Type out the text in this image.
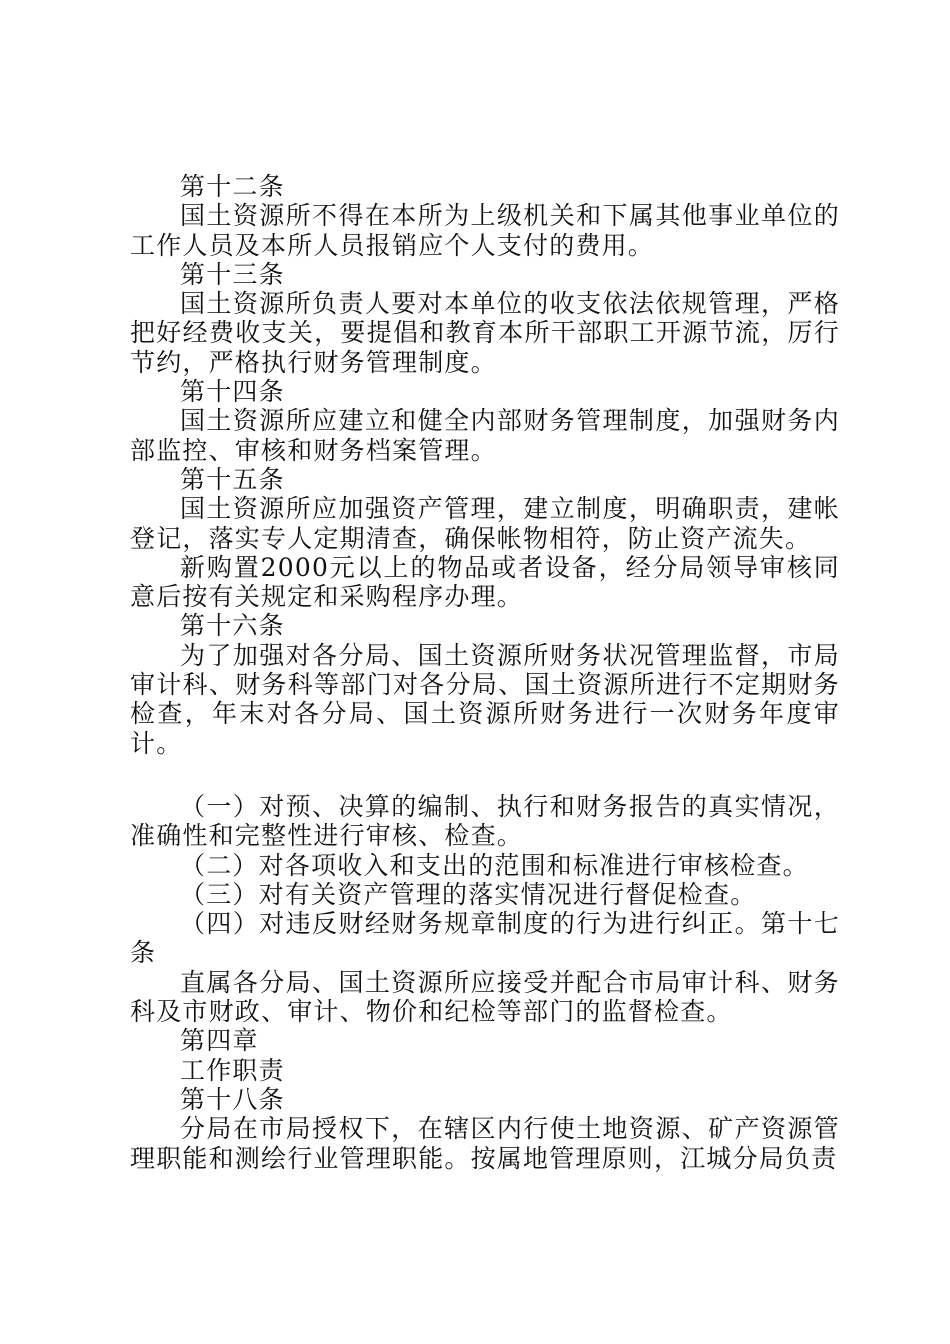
第十二条

国土资源所不得在本所为上级机关和下属其他事业单位的工作人员及本所人员报销应个人支付的费用。

第十三条

国土资源所负责人要对本单位的收支依法依规管理，严格把好经费收支关，要提倡和教育本所干部职工开源节流，厉行节约，严格执行财务管理制度。

第十四条

国土资源所应建立和健全内部财务管理制度，加强财务内部监控、审核和财务档案管理。

第十五条

国土资源所应加强资产管理，建立制度，明确职责，建帐登记，落实专人定期清查，确保帐物相符，防止资产流失。

新购置2000元以上的物品或者设备，经分局领导审核同意后按有关规定和采购程序办理。

第十六条

为了加强对各分局、国土资源所财务状况管理监督，市局审计科、财务科等部门对各分局、国土资源所进行不定期财务检查，年末对各分局、国土资源所财务进行一次财务年度审计。

（一）对预、决算的编制、执行和财务报告的真实情况，准确性和完整性进行审核、检查。

（二）对各项收入和支出的范围和标准进行审核检查。

（三）对有关资产管理的落实情况进行督促检查。

（四）对违反财经财务规章制度的行为进行纠正。第十七条

直属各分局、国土资源所应接受并配合市局审计科、财务科及市财政、审计、物价和纪检等部门的监督检查。

第四章

工作职责

第十八条

分局在市局授权下，在辖区内行使土地资源、矿产资源管理职能和测绘行业管理职能。按属地管理原则，江城分局负责
